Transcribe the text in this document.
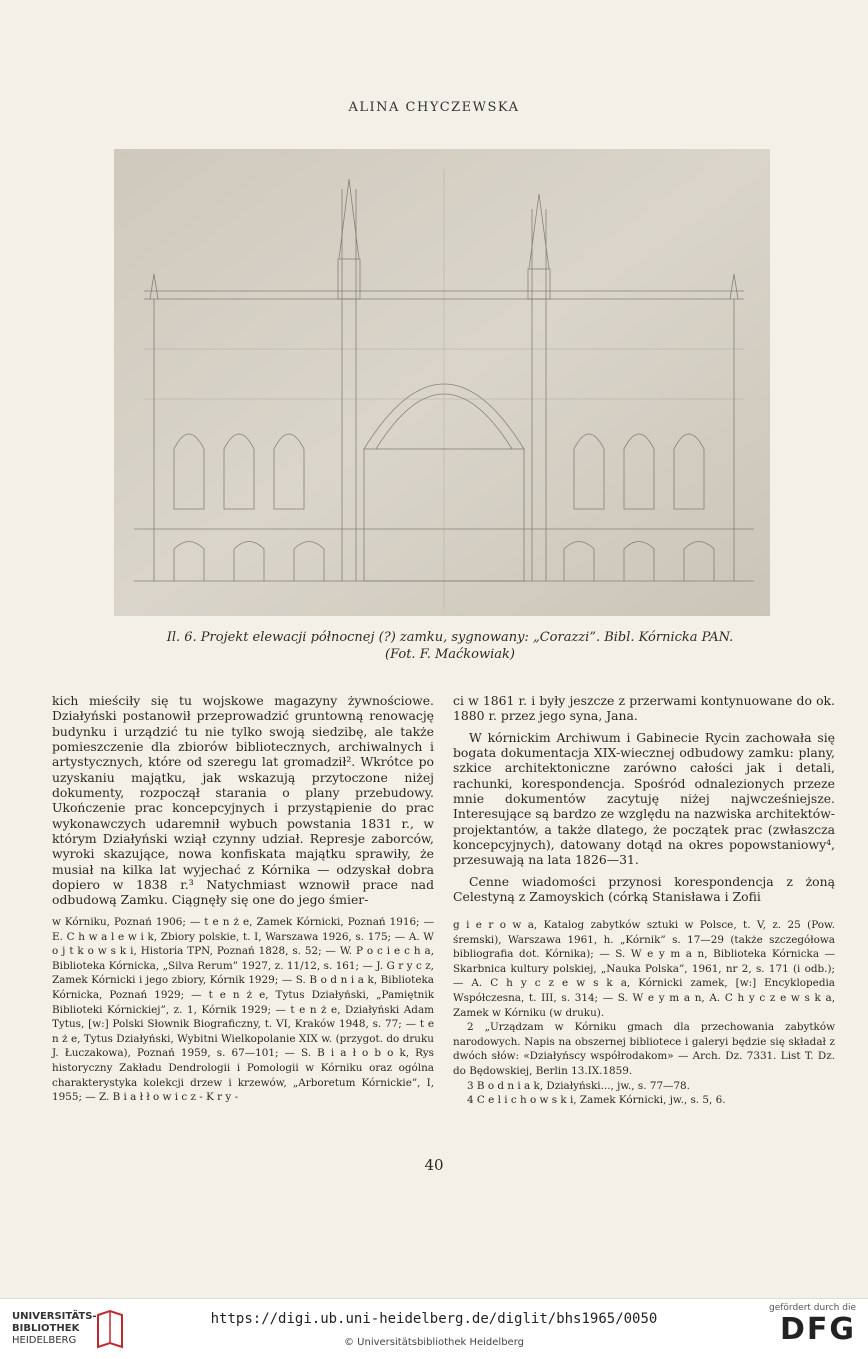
ALINA CHYCZEWSKA
Il. 6. Projekt elewacji północnej (?) zamku, sygnowany: „Corazzi”. Bibl. Kórnicka PAN.
(Fot. F. Maćkowiak)

kich mieściły się tu wojskowe magazyny żywnościowe. Działyński postanowił przeprowadzić gruntowną renowację budynku i urządzić tu nie tylko swoją siedzibę, ale także pomieszczenie dla zbiorów bibliotecznych, archiwalnych i artystycznych, które od szeregu lat gromadził². Wkrótce po uzyskaniu majątku, jak wskazują przytoczone niżej dokumenty, rozpoczął starania o plany przebudowy. Ukończenie prac koncepcyjnych i przystąpienie do prac wykonawczych udaremnił wybuch powstania 1831 r., w którym Działyński wziął czynny udział. Represje zaborców, wyroki skazujące, nowa konfiskata majątku sprawiły, że musiał na kilka lat wyjechać z Kórnika — odzyskał dobra dopiero w 1838 r.³ Natychmiast wznowił prace nad odbudową Zamku. Ciągnęły się one do jego śmier-

ci w 1861 r. i były jeszcze z przerwami kontynuowane do ok. 1880 r. przez jego syna, Jana.

W kórnickim Archiwum i Gabinecie Rycin zachowała się bogata dokumentacja XIX-wiecznej odbudowy zamku: plany, szkice architektoniczne zarówno całości jak i detali, rachunki, korespondencja. Spośród odnalezionych przeze mnie dokumentów zacytuję niżej najwcześniejsze. Interesujące są bardzo ze względu na nazwiska architektów-projektantów, a także dlatego, że początek prac (zwłaszcza koncepcyjnych), datowany dotąd na okres popowstaniowy⁴, przesuwają na lata 1826—31.

Cenne wiadomości przynosi korespondencja z żoną Celestyną z Zamoyskich (córką Stanisława i Zofii

w Kórniku, Poznań 1906; — t e n ż e, Zamek Kórnicki, Poznań 1916; — E. C h w a l e w i k, Zbiory polskie, t. I, Warszawa 1926, s. 175; — A. W o j t k o w s k i, Historia TPN, Poznań 1828, s. 52; — W. P o c i e c h a, Biblioteka Kórnicka, „Silva Rerum” 1927, z. 11/12, s. 161; — J. G r y c z, Zamek Kórnicki i jego zbiory, Kórnik 1929; — S. B o d n i a k, Biblioteka Kórnicka, Poznań 1929; — t e n ż e, Tytus Działyński, „Pamiętnik Biblioteki Kórnickiej”, z. 1, Kórnik 1929; — t e n ż e, Działyński Adam Tytus, [w:] Polski Słownik Biograficzny, t. VI, Kraków 1948, s. 77; — t e n ż e, Tytus Działyński, Wybitni Wielkopolanie XIX w. (przygot. do druku J. Łuczakowa), Poznań 1959, s. 67—101; — S. B i a ł o b o k, Rys historyczny Zakładu Dendrologii i Pomologii w Kórniku oraz ogólna charakterystyka kolekcji drzew i krzewów, „Arboretum Kórnickie”, I, 1955; — Z. B i a ł ł o w i c z - K r y -

g i e r o w a, Katalog zabytków sztuki w Polsce, t. V, z. 25 (Pow. śremski), Warszawa 1961, h. „Kórnik” s. 17—29 (także szczegółowa bibliografia dot. Kórnika); — S. W e y m a n, Biblioteka Kórnicka — Skarbnica kultury polskiej, „Nauka Polska”, 1961, nr 2, s. 171 (i odb.); — A. C h y c z e w s k a, Kórnicki zamek, [w:] Encyklopedia Współczesna, t. III, s. 314; — S. W e y m a n, A. C h y c z e w s k a, Zamek w Kórniku (w druku).

2 „Urządzam w Kórniku gmach dla przechowania zabytków narodowych. Napis na obszernej bibliotece i galeryi będzie się składał z dwóch słów: «Działyńscy współrodakom» — Arch. Dz. 7331. List T. Dz. do Będowskiej, Berlin 13.IX.1859.

3 B o d n i a k, Działyński..., jw., s. 77—78.

4 C e l i c h o w s k i, Zamek Kórnicki, jw., s. 5, 6.

40
UNIVERSITÄTS-
BIBLIOTHEK
HEIDELBERG
https://digi.ub.uni-heidelberg.de/diglit/bhs1965/0050
© Universitätsbibliothek Heidelberg
gefördert durch die
DFG
